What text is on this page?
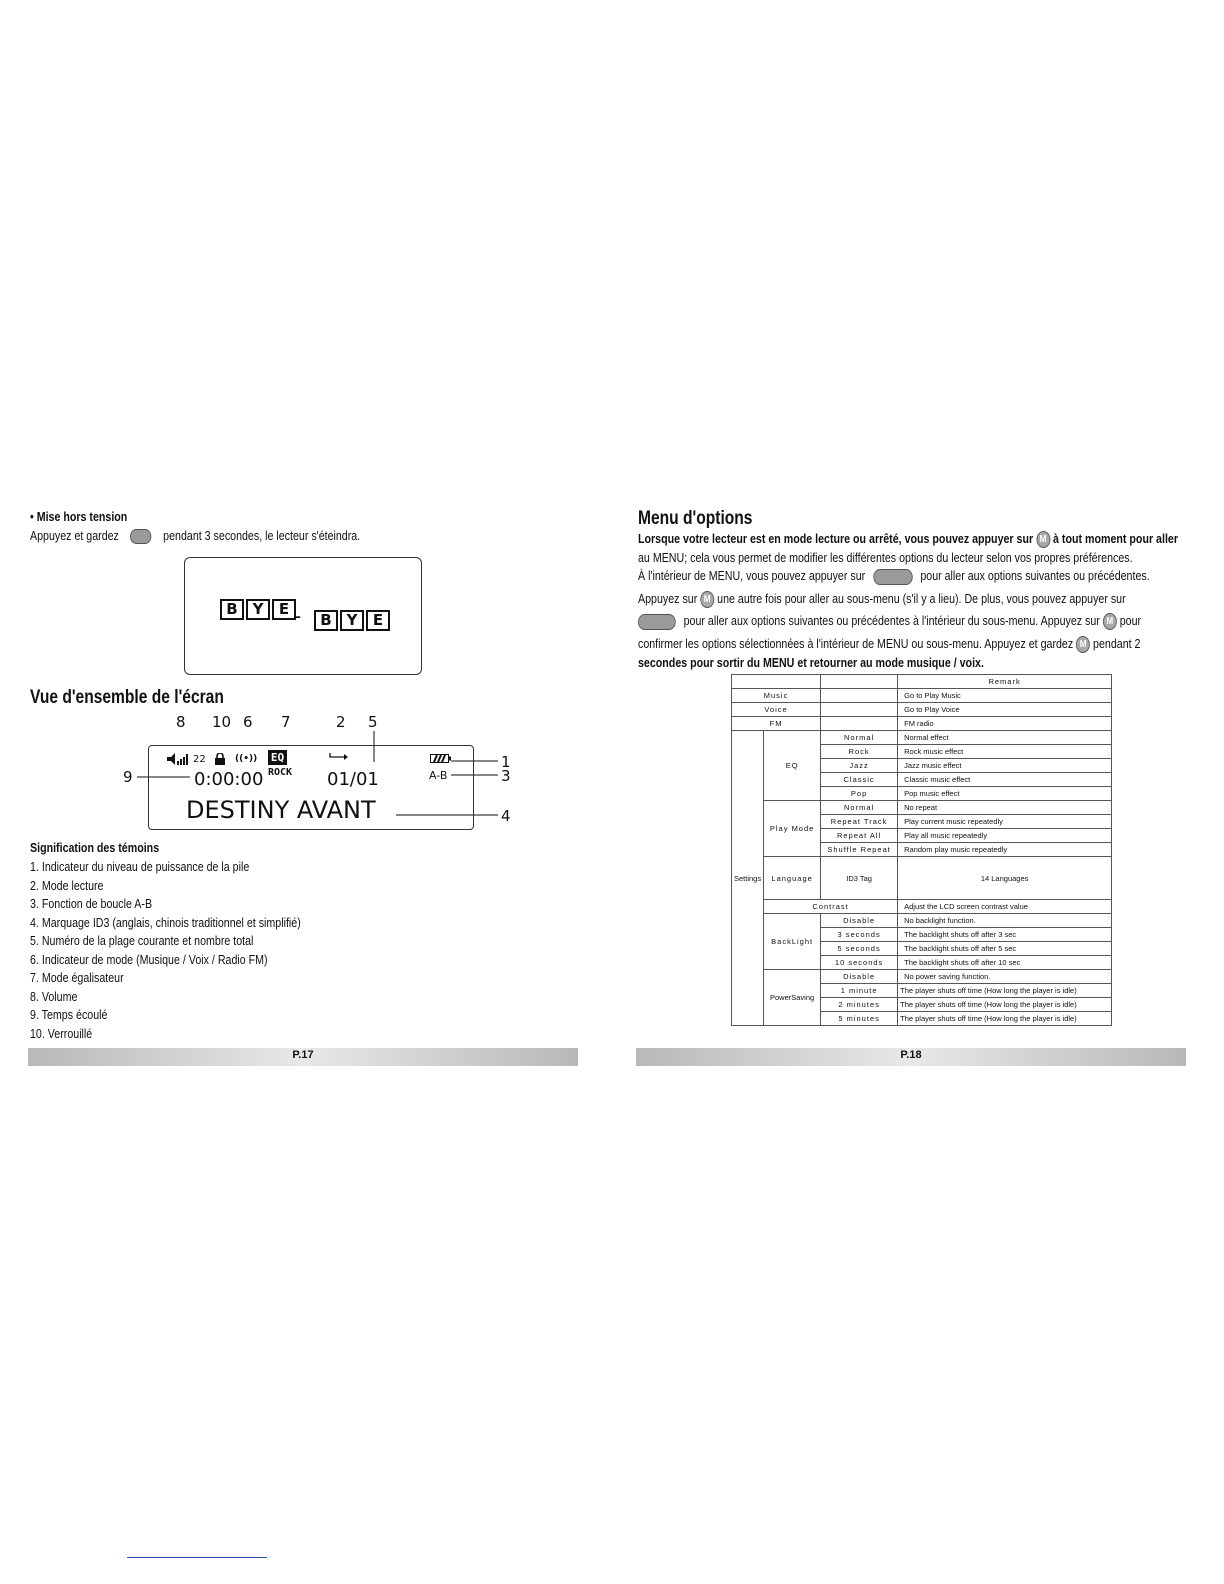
• Mise hors tension
Appuyez et gardez	pendant 3 secondes, le lecteur s'éteindra.
B Y E -	B Y E
Vue d'ensemble de l'écran
8 10 6 7	2 5
9
1
3
4
22	((•)) EQ
ROCK
0:00:00	01/01	A-B
DESTINY AVANT
Signification des témoins
1. Indicateur du niveau de puissance de la pile
2. Mode lecture
3. Fonction de boucle A-B
4. Marquage ID3 (anglais, chinois traditionnel et simplifié)
5. Numéro de la plage courante et nombre total
6. Indicateur de mode (Musique / Voix / Radio FM)
7. Mode égalisateur
8. Volume
9. Temps écoulé
10. Verrouillé
P.17
Menu d'options
Lorsque votre lecteur est en mode lecture ou arrêté, vous pouvez appuyer sur M à tout moment pour aller
au MENU; cela vous permet de modifier les différentes options du lecteur selon vos propres préférences.
À l'intérieur de MENU, vous pouvez appuyer sur	pour aller aux options suivantes ou précédentes.
Appuyez sur M une autre fois pour aller au sous-menu (s'il y a lieu). De plus, vous pouvez appuyer sur
pour aller aux options suivantes ou précédentes à l'intérieur du sous-menu. Appuyez sur M pour
confirmer les options sélectionnées à l'intérieur de MENU ou sous-menu. Appuyez et gardez M pendant 2
secondes pour sortir du MENU et retourner au mode musique / voix.
			Remark
Music			Go to Play Music
Voice			Go to Play Voice
FM			FM radio
Settings	EQ	Normal	Normal effect
		Rock	Rock music effect
		Jazz	Jazz music effect
		Classic	Classic music effect
		Pop	Pop music effect
	Play Mode	Normal	No repeat
		Repeat Track	Play current music repeatedly
		Repeat All	Play all music repeatedly
		Shuffle Repeat	Random play music repeatedly
	Language	ID3 Tag	14 Languages
	Contrast		Adjust the LCD screen contrast value
	BackLight	Disable	No backlight function.
		3 seconds	The backlight shuts off after 3 sec
		5 seconds	The backlight shuts off after 5 sec
		10 seconds	The backlight shuts off after 10 sec
	PowerSaving	Disable	No power saving function.
		1 minute	The player shuts off time (How long the player is idle)
		2 minutes	The player shuts off time (How long the player is idle)
		5 minutes	The player shuts off time (How long the player is idle)
P.18
